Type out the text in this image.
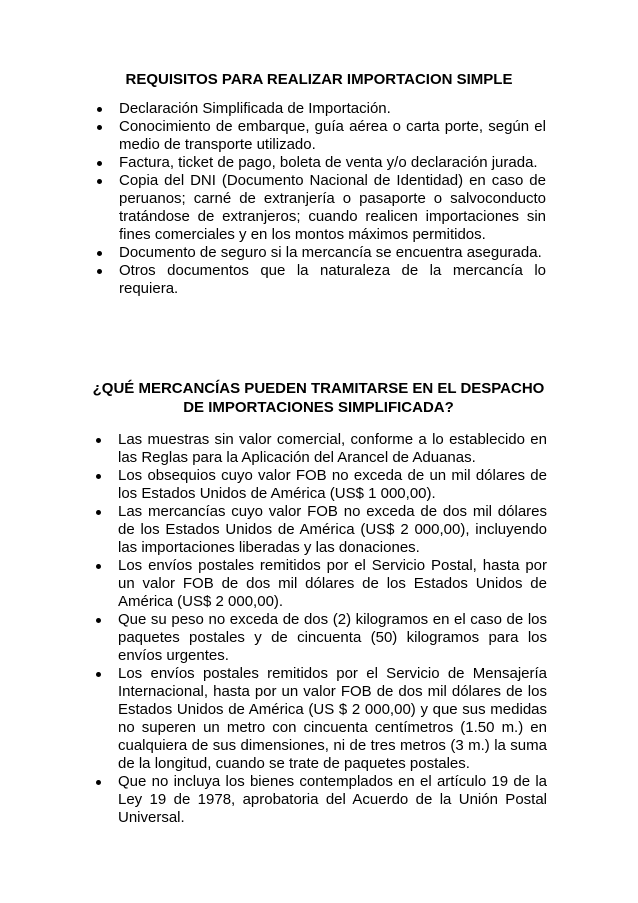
REQUISITOS PARA REALIZAR IMPORTACION SIMPLE
Declaración Simplificada de Importación.
Conocimiento de embarque, guía aérea o carta porte, según el medio de transporte utilizado.
Factura, ticket de pago, boleta de venta y/o declaración jurada.
Copia del DNI (Documento Nacional de Identidad) en caso de peruanos; carné de extranjería o pasaporte o salvoconducto tratándose de extranjeros; cuando realicen importaciones sin fines comerciales y en los montos máximos permitidos.
Documento de seguro si la mercancía se encuentra asegurada.
Otros documentos que la naturaleza de la mercancía lo requiera.
¿QUÉ MERCANCÍAS PUEDEN TRAMITARSE EN EL DESPACHO
DE IMPORTACIONES SIMPLIFICADA?
Las muestras sin valor comercial, conforme a lo establecido en las Reglas para la Aplicación del Arancel de Aduanas.
Los obsequios cuyo valor FOB no exceda de un mil dólares de los Estados Unidos de América (US$ 1 000,00).
Las mercancías cuyo valor FOB no exceda de dos mil dólares de los Estados Unidos de América (US$ 2 000,00), incluyendo las importaciones liberadas y las donaciones.
Los envíos postales remitidos por el Servicio Postal, hasta por un valor FOB de dos mil dólares de los Estados Unidos de América (US$ 2 000,00).
Que su peso no exceda de dos (2) kilogramos en el caso de los paquetes postales y de cincuenta (50) kilogramos para los envíos urgentes.
Los envíos postales remitidos por el Servicio de Mensajería Internacional, hasta por un valor FOB de dos mil dólares de los Estados Unidos de América (US $ 2 000,00) y que sus medidas no superen un metro con cincuenta centímetros (1.50 m.) en cualquiera de sus dimensiones, ni de tres metros (3 m.) la suma de la longitud, cuando se trate de paquetes postales.
Que no incluya los bienes contemplados en el artículo 19 de la Ley 19 de 1978, aprobatoria del Acuerdo de la Unión Postal Universal.
